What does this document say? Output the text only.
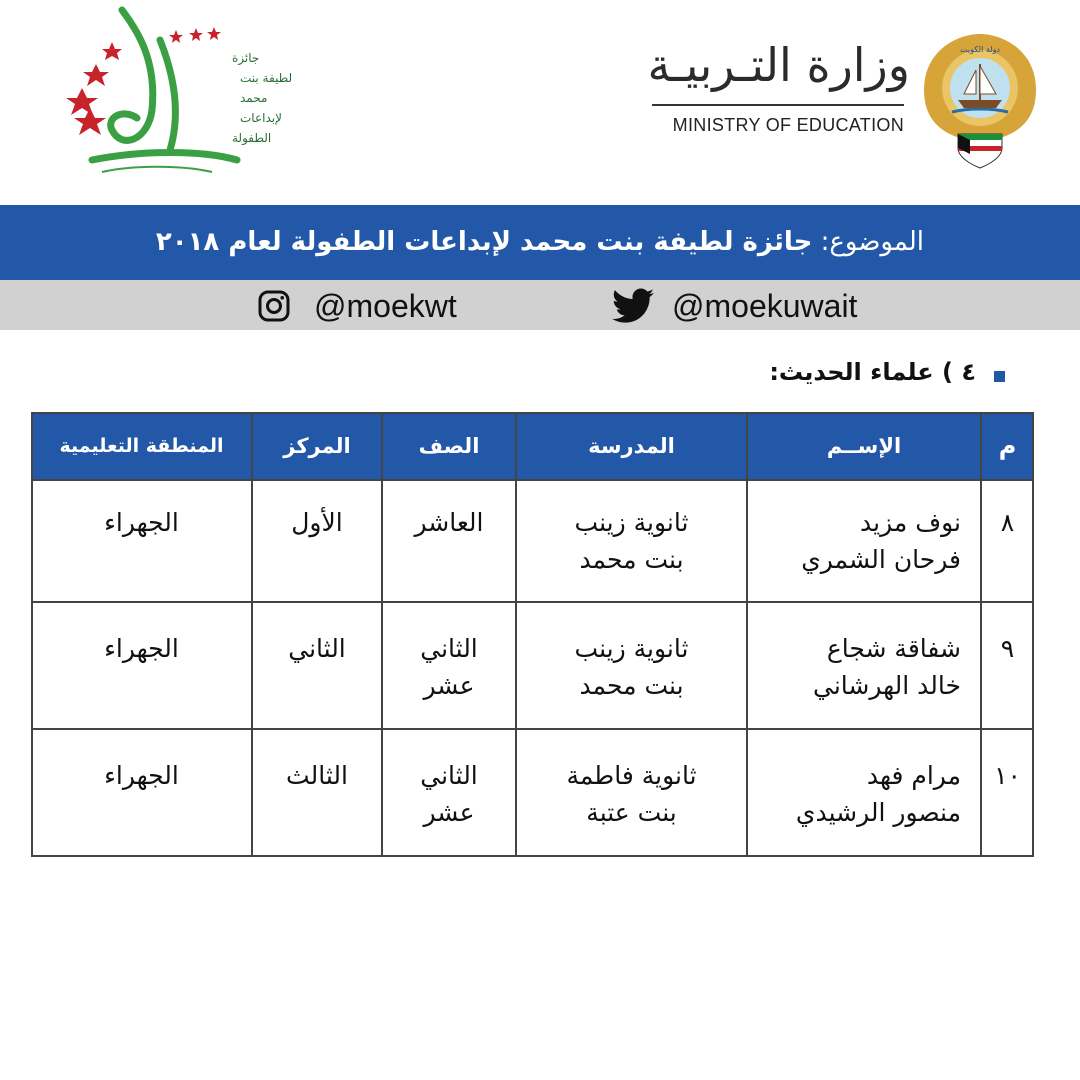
جائزة
لطيفة بنت
محمد
لإبداعات
الطفولة
وزارة التـربيـة
MINISTRY OF EDUCATION
دولة الكويت
الموضوع: جائزة لطيفة بنت محمد لإبداعات الطفولة لعام ٢٠١٨
@moekuwait
@moekwt
٤ ) علماء الحديث:
م
الإســم
المدرسة
الصف
المركز
المنطقة التعليمية
٨
نوف مزيد
فرحان الشمري
ثانوية زينب
بنت محمد
العاشر
الأول
الجهراء
٩
شفاقة شجاع
خالد الهرشاني
ثانوية زينب
بنت محمد
الثاني
عشر
الثاني
الجهراء
١٠
مرام فهد
منصور الرشيدي
ثانوية فاطمة
بنت عتبة
الثاني
عشر
الثالث
الجهراء
